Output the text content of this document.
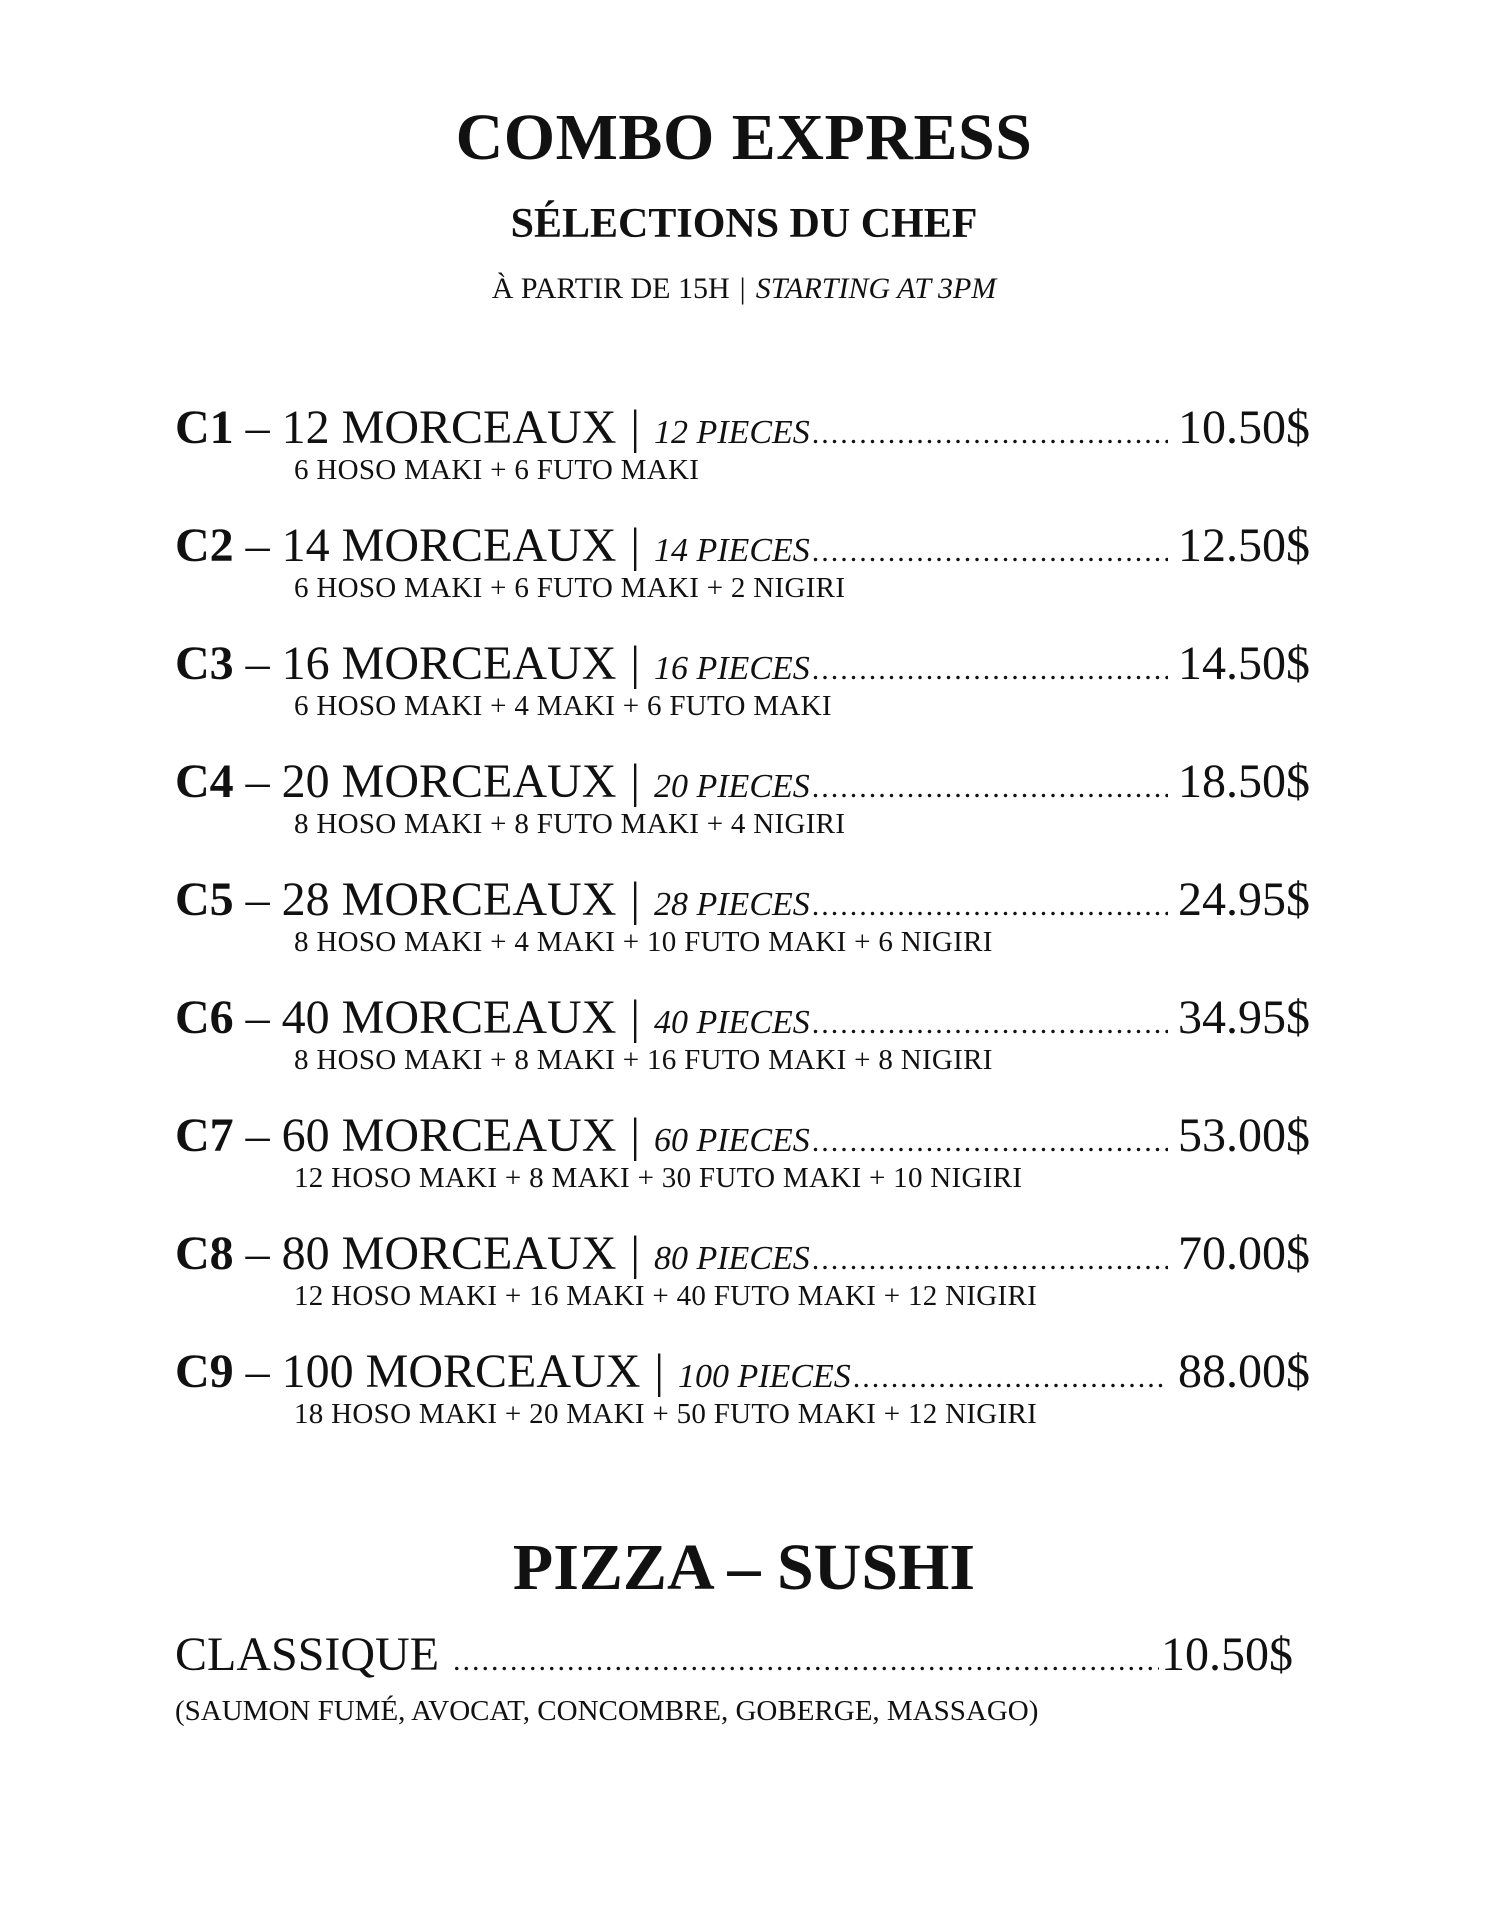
COMBO EXPRESS
SÉLECTIONS DU CHEF
À PARTIR DE 15H | STARTING AT 3PM
C1 – 12 MORCEAUX | 12 PIECES .....	10.50$
6 HOSO MAKI + 6 FUTO MAKI
C2 – 14 MORCEAUX | 14 PIECES .....	12.50$
6 HOSO MAKI + 6 FUTO MAKI + 2 NIGIRI
C3 – 16 MORCEAUX | 16 PIECES .....	14.50$
6 HOSO MAKI + 4 MAKI + 6 FUTO MAKI
C4 – 20 MORCEAUX | 20 PIECES .....	18.50$
8 HOSO MAKI + 8 FUTO MAKI + 4 NIGIRI
C5 – 28 MORCEAUX | 28 PIECES .....	24.95$
8 HOSO MAKI + 4 MAKI + 10 FUTO MAKI + 6 NIGIRI
C6 – 40 MORCEAUX | 40 PIECES .....	34.95$
8 HOSO MAKI + 8 MAKI + 16 FUTO MAKI + 8 NIGIRI
C7 – 60 MORCEAUX | 60 PIECES .....	53.00$
12 HOSO MAKI + 8 MAKI + 30 FUTO MAKI + 10 NIGIRI
C8 – 80 MORCEAUX | 80 PIECES .....	70.00$
12 HOSO MAKI + 16 MAKI + 40 FUTO MAKI + 12 NIGIRI
C9 – 100 MORCEAUX | 100 PIECES .....	88.00$
18 HOSO MAKI + 20 MAKI + 50 FUTO MAKI + 12 NIGIRI
PIZZA – SUSHI
CLASSIQUE .....	10.50$
(SAUMON FUMÉ, AVOCAT, CONCOMBRE, GOBERGE, MASSAGO)
